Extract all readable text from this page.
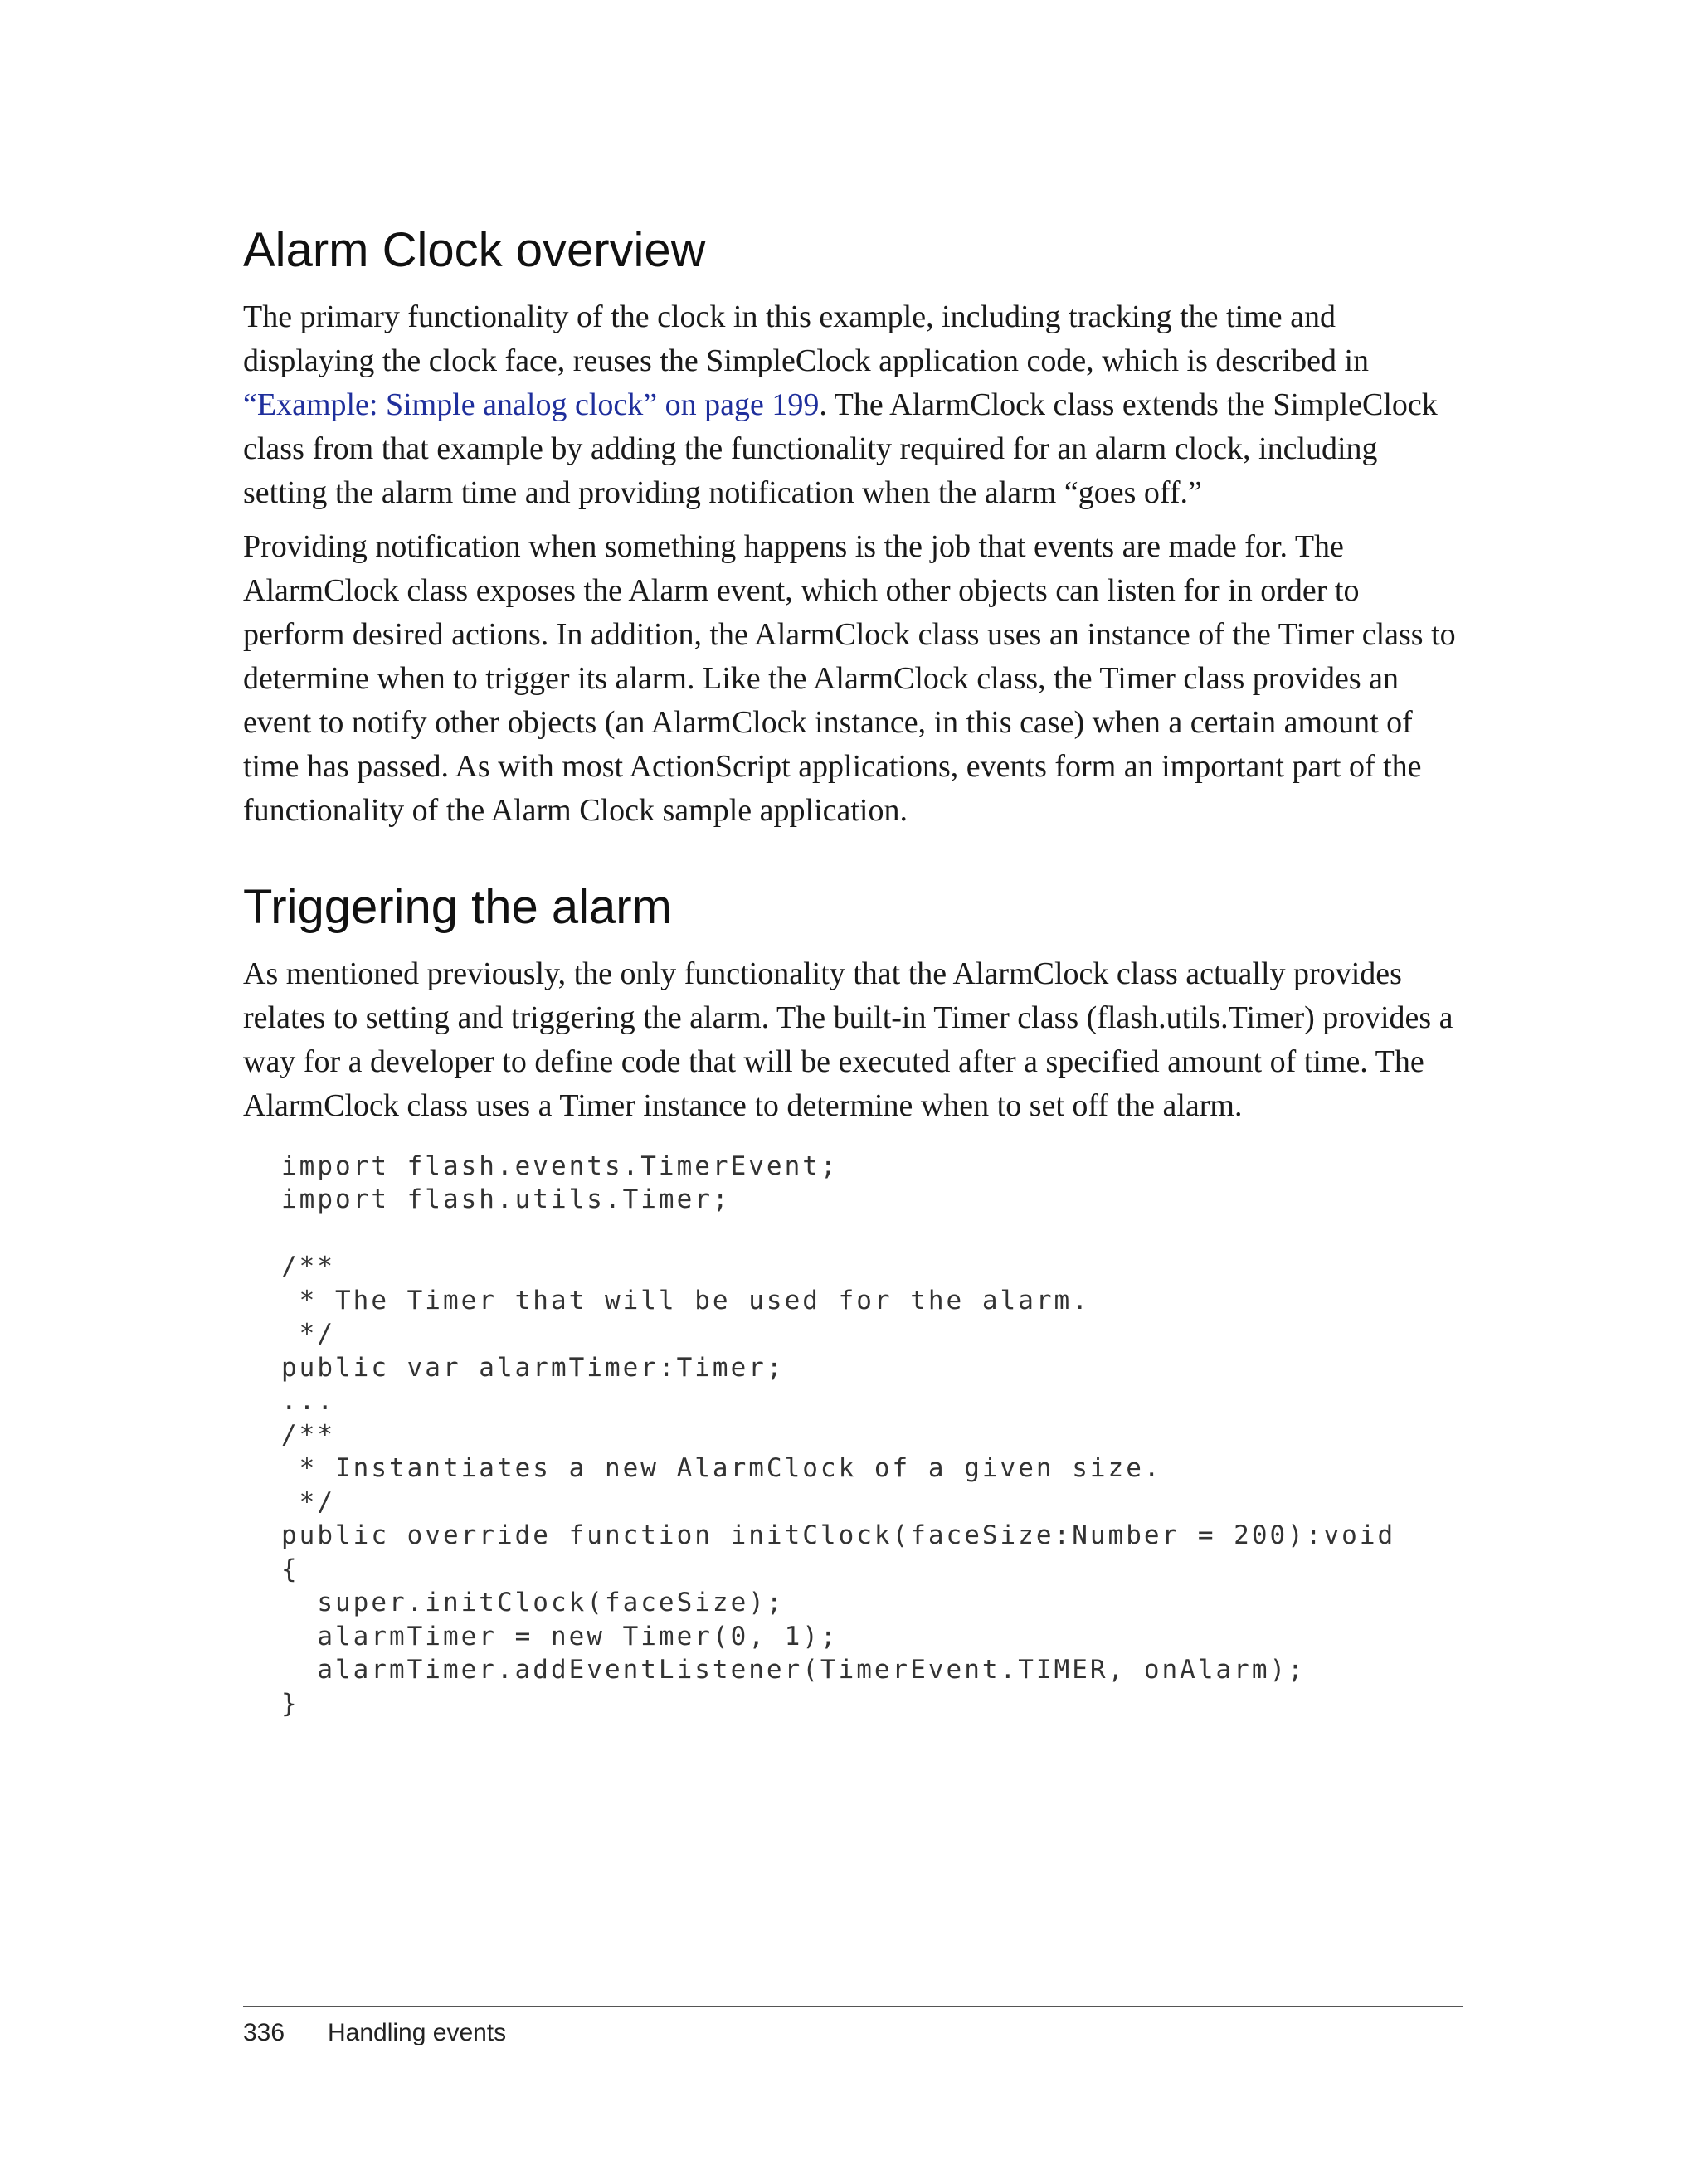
Alarm Clock overview

The primary functionality of the clock in this example, including tracking the time and displaying the clock face, reuses the SimpleClock application code, which is described in “Example: Simple analog clock” on page 199. The AlarmClock class extends the SimpleClock class from that example by adding the functionality required for an alarm clock, including setting the alarm time and providing notification when the alarm “goes off.”

Providing notification when something happens is the job that events are made for. The AlarmClock class exposes the Alarm event, which other objects can listen for in order to perform desired actions. In addition, the AlarmClock class uses an instance of the Timer class to determine when to trigger its alarm. Like the AlarmClock class, the Timer class provides an event to notify other objects (an AlarmClock instance, in this case) when a certain amount of time has passed. As with most ActionScript applications, events form an important part of the functionality of the Alarm Clock sample application.

Triggering the alarm

As mentioned previously, the only functionality that the AlarmClock class actually provides relates to setting and triggering the alarm. The built-in Timer class (flash.utils.Timer) provides a way for a developer to define code that will be executed after a specified amount of time. The AlarmClock class uses a Timer instance to determine when to set off the alarm.

import flash.events.TimerEvent;
import flash.utils.Timer;

/**
* The Timer that will be used for the alarm.
*/
public var alarmTimer:Timer;
...
/**
* Instantiates a new AlarmClock of a given size.
*/
public override function initClock(faceSize:Number = 200):void
{
super.initClock(faceSize);
alarmTimer = new Timer(0, 1);
alarmTimer.addEventListener(TimerEvent.TIMER, onAlarm);
}
336 Handling events
